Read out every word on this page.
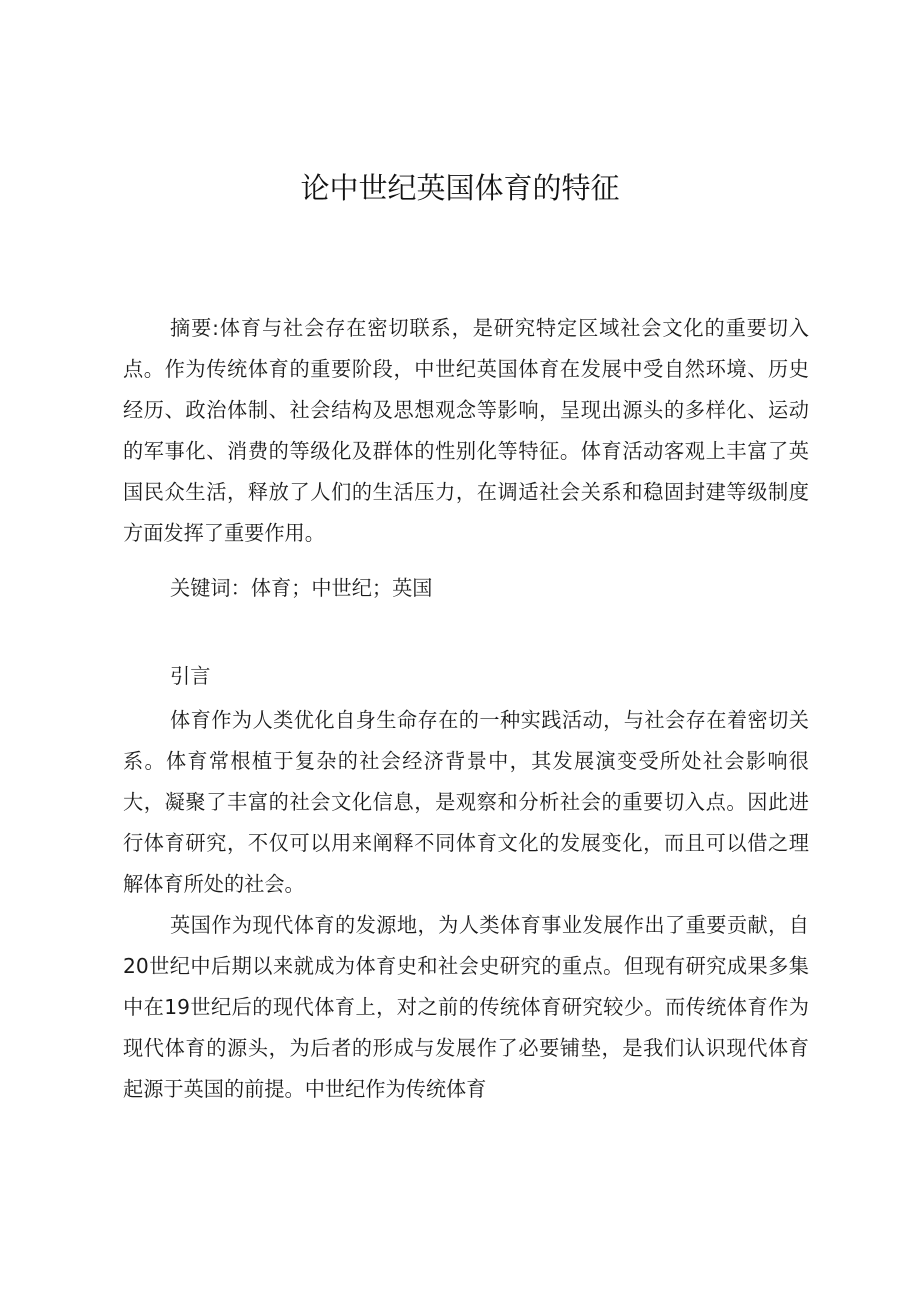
论中世纪英国体育的特征

摘要:体育与社会存在密切联系，是研究特定区域社会文化的重要切入点。作为传统体育的重要阶段，中世纪英国体育在发展中受自然环境、历史经历、政治体制、社会结构及思想观念等影响，呈现出源头的多样化、运动的军事化、消费的等级化及群体的性别化等特征。体育活动客观上丰富了英国民众生活，释放了人们的生活压力，在调适社会关系和稳固封建等级制度方面发挥了重要作用。

关键词：体育；中世纪；英国

引言

体育作为人类优化自身生命存在的一种实践活动，与社会存在着密切关系。体育常根植于复杂的社会经济背景中，其发展演变受所处社会影响很大，凝聚了丰富的社会文化信息，是观察和分析社会的重要切入点。因此进行体育研究，不仅可以用来阐释不同体育文化的发展变化，而且可以借之理解体育所处的社会。

英国作为现代体育的发源地，为人类体育事业发展作出了重要贡献，自20世纪中后期以来就成为体育史和社会史研究的重点。但现有研究成果多集中在19世纪后的现代体育上，对之前的传统体育研究较少。而传统体育作为现代体育的源头，为后者的形成与发展作了必要铺垫，是我们认识现代体育起源于英国的前提。中世纪作为传统体育
